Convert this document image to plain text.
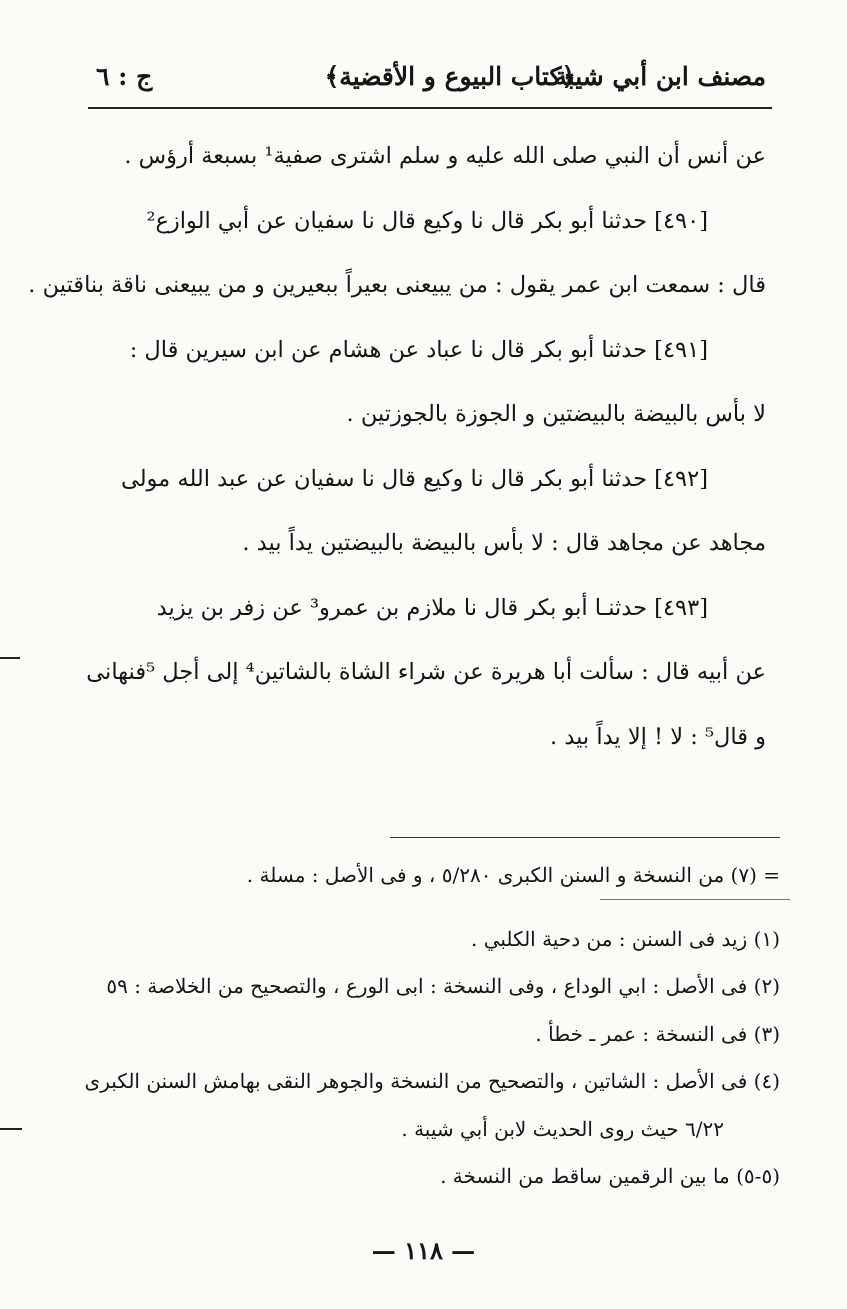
مصنف ابن أبي شيبة
﴿كتاب البيوع و الأقضية﴾
ج : ٦
عن أنس أن النبي صلى الله عليه و سلم اشترى صفية¹ بسبعة أرؤس .
[٤٩٠] حدثنا أبو بكر قال نا وكيع قال نا سفيان عن أبي الوازع²
قال : سمعت ابن عمر يقول : من يبيعنى بعيراً ببعيرين و من يبيعنى ناقة بناقتين .
[٤٩١] حدثنا أبو بكر قال نا عباد عن هشام عن ابن سيرين قال :
لا بأس بالبيضة بالبيضتين و الجوزة بالجوزتين .
[٤٩٢] حدثنا أبو بكر قال نا وكيع قال نا سفيان عن عبد الله مولى
مجاهد عن مجاهد قال : لا بأس بالبيضة بالبيضتين يداً بيد .
[٤٩٣] حدثنـا أبو بكر قال نا ملازم بن عمرو³ عن زفر بن يزيد
عن أبيه قال : سألت أبا هريرة عن شراء الشاة بالشاتين⁴ إلى أجل ⁵فنهانى
و قال⁵ : لا ! إلا يداً بيد .
= (٧) من النسخة و السنن الكبرى ٥/٢٨٠ ، و فى الأصل : مسلة .
(١) زيد فى السنن : من دحية الكلبي .
(٢) فى الأصل : ابي الوداع ، وفى النسخة : ابى الورع ، والتصحيح من الخلاصة : ٥٩
(٣) فى النسخة : عمر ـ خطأ .
(٤) فى الأصل : الشاتين ، والتصحيح من النسخة والجوهر النقى بهامش السنن الكبرى
٦/٢٢ حيث روى الحديث لابن أبي شيبة .
(٥-٥) ما بين الرقمين ساقط من النسخة .
— ١١٨ —
